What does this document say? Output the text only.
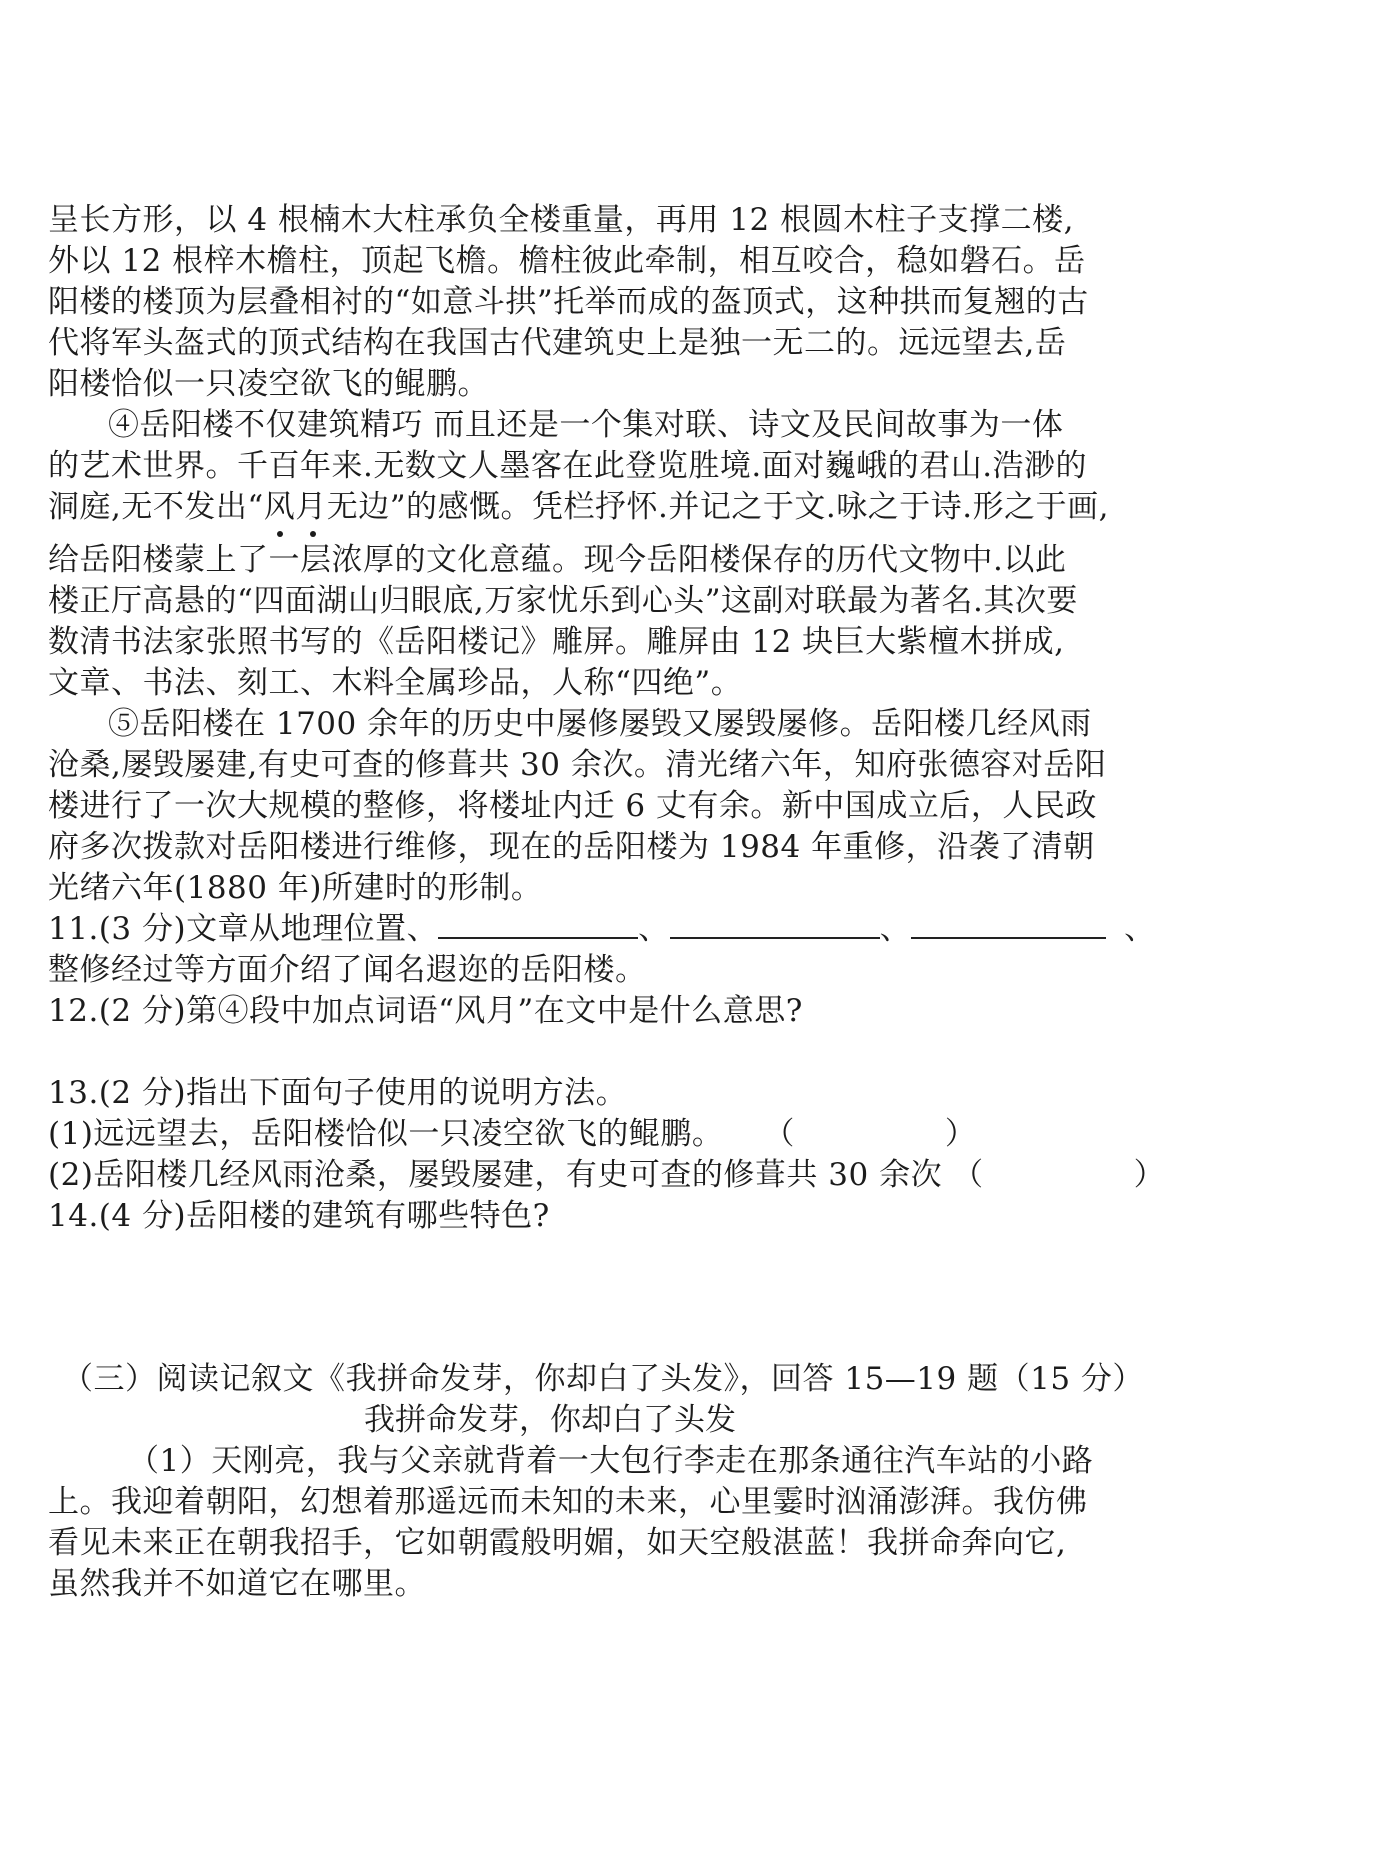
呈长方形，以 4 根楠木大柱承负全楼重量，再用 12 根圆木柱子支撑二楼,
外以 12 根梓木檐柱，顶起飞檐。檐柱彼此牵制，相互咬合，稳如磐石。岳
阳楼的楼顶为层叠相衬的“如意斗拱”托举而成的盔顶式，这种拱而复翘的古
代将军头盔式的顶式结构在我国古代建筑史上是独一无二的。远远望去,岳
阳楼恰似一只凌空欲飞的鲲鹏。
④岳阳楼不仅建筑精巧 而且还是一个集对联、诗文及民间故事为一体
的艺术世界。千百年来.无数文人墨客在此登览胜境.面对巍峨的君山.浩渺的
洞庭,无不发出“风月无边”的感慨。凭栏抒怀.并记之于文.咏之于诗.形之于画,
给岳阳楼蒙上了一层浓厚的文化意蕴。现今岳阳楼保存的历代文物中.以此
楼正厅高悬的“四面湖山归眼底,万家忧乐到心头”这副对联最为著名.其次要
数清书法家张照书写的《岳阳楼记》雕屏。雕屏由 12 块巨大紫檀木拼成,
文章、书法、刻工、木料全属珍品，人称“四绝”。
⑤岳阳楼在 1700 余年的历史中屡修屡毁又屡毁屡修。岳阳楼几经风雨
沧桑,屡毁屡建,有史可查的修葺共 30 余次。清光绪六年，知府张德容对岳阳
楼进行了一次大规模的整修，将楼址内迁 6 丈有余。新中国成立后，人民政
府多次拨款对岳阳楼进行维修，现在的岳阳楼为 1984 年重修，沿袭了清朝
光绪六年(1880 年)所建时的形制。
11.(3 分)文章从地理位置、	、	、	、
整修经过等方面介绍了闻名遐迩的岳阳楼。
12.(2 分)第④段中加点词语“风月”在文中是什么意思?
13.(2 分)指出下面句子使用的说明方法。
(1)远远望去，岳阳楼恰似一只凌空欲飞的鲲鹏。 （	）
(2)岳阳楼几经风雨沧桑，屡毁屡建，有史可查的修葺共 30 余次 （	）
14.(4 分)岳阳楼的建筑有哪些特色?
（三）阅读记叙文《我拼命发芽，你却白了头发》，回答 15—19 题（15 分）
我拼命发芽，你却白了头发
（1）天刚亮，我与父亲就背着一大包行李走在那条通往汽车站的小路
上。我迎着朝阳，幻想着那遥远而未知的未来，心里霎时汹涌澎湃。我仿佛
看见未来正在朝我招手，它如朝霞般明媚，如天空般湛蓝！我拼命奔向它,
虽然我并不如道它在哪里。
